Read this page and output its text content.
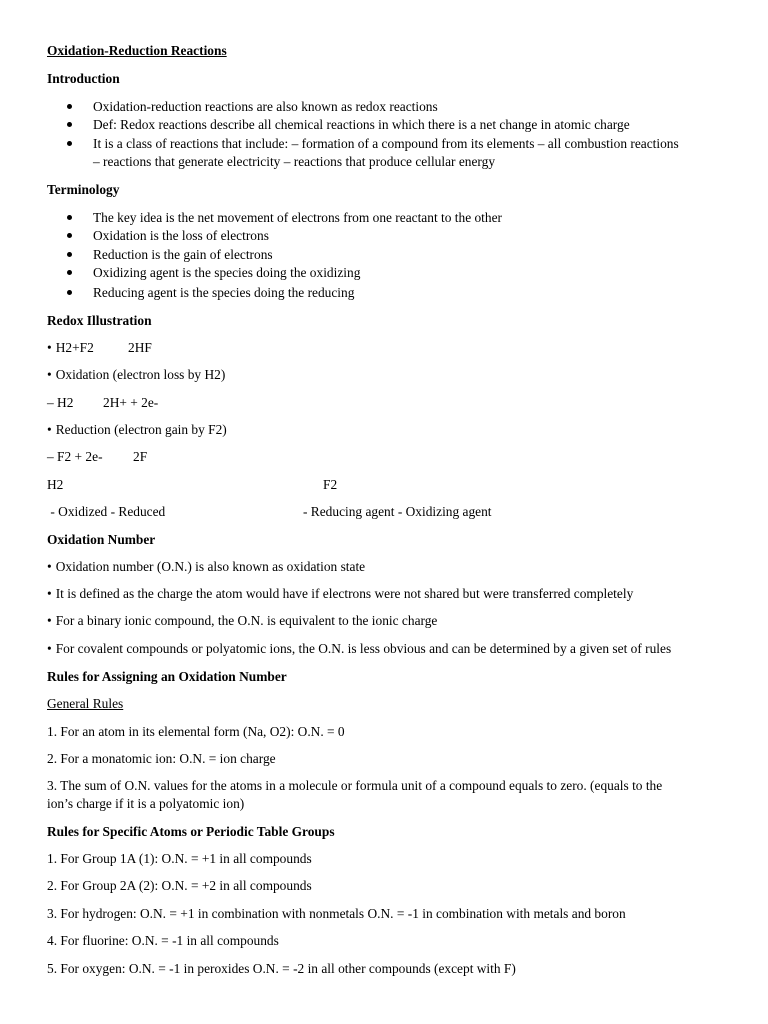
Oxidation-Reduction Reactions
Introduction
Oxidation-reduction reactions are also known as redox reactions
Def: Redox reactions describe all chemical reactions in which there is a net change in atomic charge
It is a class of reactions that include: – formation of a compound from its elements – all combustion reactions
– reactions that generate electricity – reactions that produce cellular energy
Terminology
The key idea is the net movement of electrons from one reactant to the other
Oxidation is the loss of electrons
Reduction is the gain of electrons
Oxidizing agent is the species doing the oxidizing
Reducing agent is the species doing the reducing
Redox Illustration
• H2+F2	2HF
• Oxidation (electron loss by H2)
– H2 2H+ + 2e-
• Reduction (electron gain by F2)
– F2 + 2e- 2F
H2	F2
- Oxidized - Reduced	- Reducing agent - Oxidizing agent
Oxidation Number
• Oxidation number (O.N.) is also known as oxidation state
• It is defined as the charge the atom would have if electrons were not shared but were transferred completely
• For a binary ionic compound, the O.N. is equivalent to the ionic charge
• For covalent compounds or polyatomic ions, the O.N. is less obvious and can be determined by a given set of rules
Rules for Assigning an Oxidation Number
General Rules
1. For an atom in its elemental form (Na, O2): O.N. = 0
2. For a monatomic ion: O.N. = ion charge
3. The sum of O.N. values for the atoms in a molecule or formula unit of a compound equals to zero. (equals to the
ion’s charge if it is a polyatomic ion)
Rules for Specific Atoms or Periodic Table Groups
1. For Group 1A (1): O.N. = +1 in all compounds
2. For Group 2A (2): O.N. = +2 in all compounds
3. For hydrogen: O.N. = +1 in combination with nonmetals O.N. = -1 in combination with metals and boron
4. For fluorine: O.N. = -1 in all compounds
5. For oxygen: O.N. = -1 in peroxides O.N. = -2 in all other compounds (except with F)
